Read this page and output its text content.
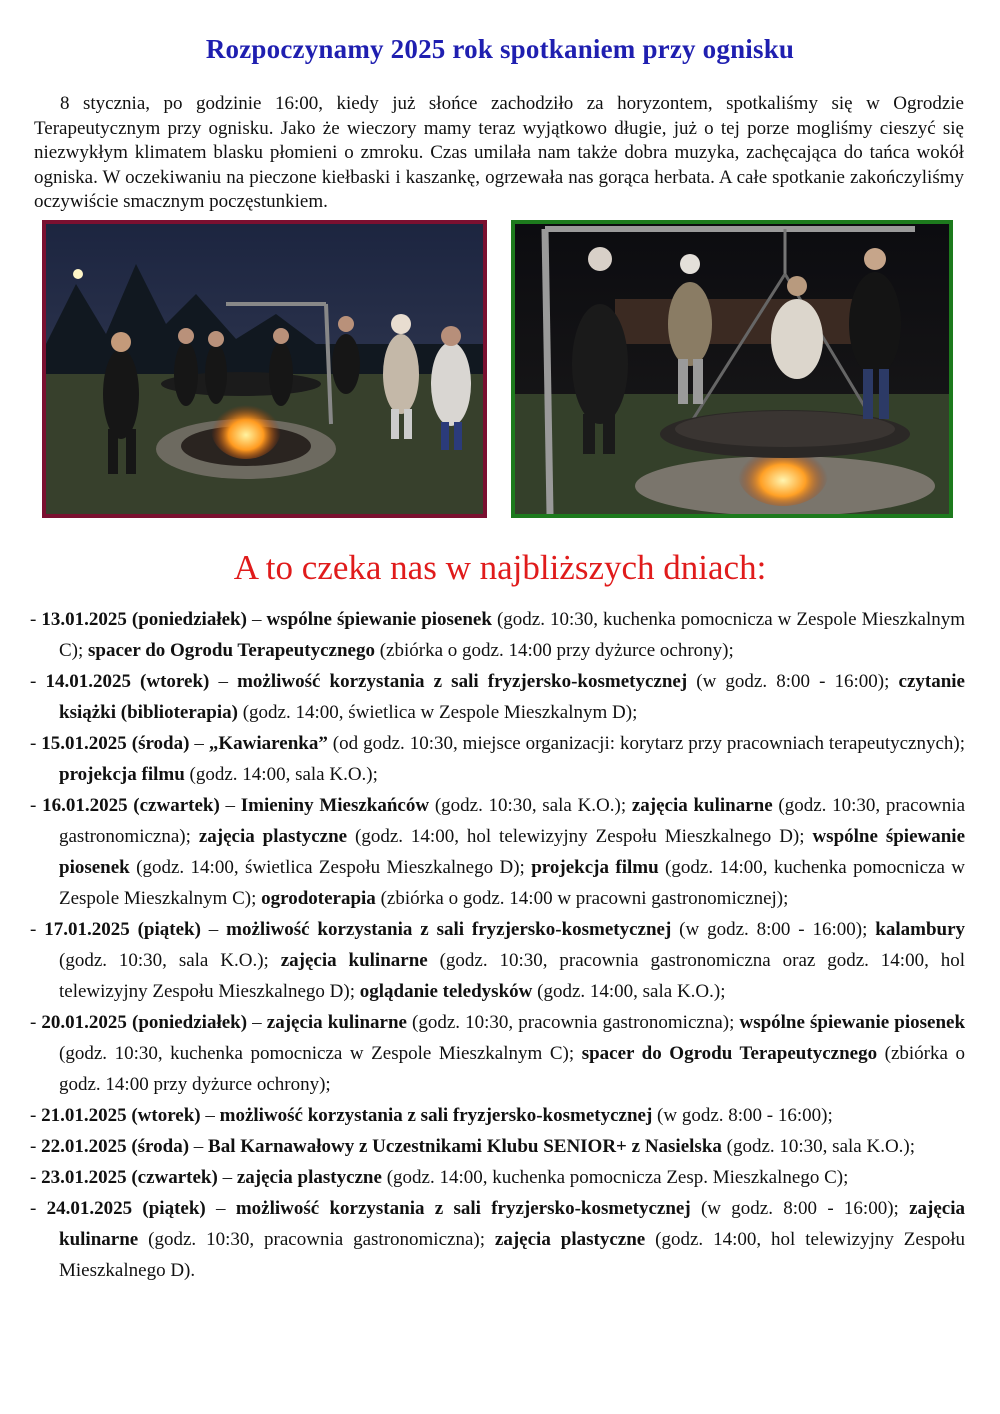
Rozpoczynamy 2025 rok spotkaniem przy ognisku

8 stycznia, po godzinie 16:00, kiedy już słońce zachodziło za horyzontem, spotkaliśmy się w Ogrodzie Terapeutycznym przy ognisku. Jako że wieczory mamy teraz wyjątkowo długie, już o tej porze mogliśmy cieszyć się niezwykłym klimatem blasku płomieni o zmroku. Czas umilała nam także dobra muzyka, zachęcająca do tańca wokół ogniska. W oczekiwaniu na pieczone kiełbaski i kaszankę, ogrzewała nas gorąca herbata. A całe spotkanie zakończyliśmy oczywiście smacznym poczęstunkiem.

A to czeka nas w najbliższych dniach:
- 13.01.2025 (poniedziałek) – wspólne śpiewanie piosenek (godz. 10:30, kuchenka pomocnicza w Zespole Mieszkalnym C); spacer do Ogrodu Terapeutycznego (zbiórka o godz. 14:00 przy dyżurce ochrony);
- 14.01.2025 (wtorek) – możliwość korzystania z sali fryzjersko-kosmetycznej (w godz. 8:00 - 16:00); czytanie książki (biblioterapia) (godz. 14:00, świetlica w Zespole Mieszkalnym D);
- 15.01.2025 (środa) – „Kawiarenka” (od godz. 10:30, miejsce organizacji: korytarz przy pracowniach terapeutycznych); projekcja filmu (godz. 14:00, sala K.O.);
- 16.01.2025 (czwartek) – Imieniny Mieszkańców (godz. 10:30, sala K.O.); zajęcia kulinarne (godz. 10:30, pracownia gastronomiczna); zajęcia plastyczne (godz. 14:00, hol telewizyjny Zespołu Mieszkalnego D); wspólne śpiewanie piosenek (godz. 14:00, świetlica Zespołu Mieszkalnego D); projekcja filmu (godz. 14:00, kuchenka pomocnicza w Zespole Mieszkalnym C); ogrodoterapia (zbiórka o godz. 14:00 w pracowni gastronomicznej);
- 17.01.2025 (piątek) – możliwość korzystania z sali fryzjersko-kosmetycznej (w godz. 8:00 - 16:00); kalambury (godz. 10:30, sala K.O.); zajęcia kulinarne (godz. 10:30, pracownia gastronomiczna oraz godz. 14:00, hol telewizyjny Zespołu Mieszkalnego D); oglądanie teledysków (godz. 14:00, sala K.O.);
- 20.01.2025 (poniedziałek) – zajęcia kulinarne (godz. 10:30, pracownia gastronomiczna); wspólne śpiewanie piosenek (godz. 10:30, kuchenka pomocnicza w Zespole Mieszkalnym C); spacer do Ogrodu Terapeutycznego (zbiórka o godz. 14:00 przy dyżurce ochrony);
- 21.01.2025 (wtorek) – możliwość korzystania z sali fryzjersko-kosmetycznej (w godz. 8:00 - 16:00);
- 22.01.2025 (środa) – Bal Karnawałowy z Uczestnikami Klubu SENIOR+ z Nasielska (godz. 10:30, sala K.O.);
- 23.01.2025 (czwartek) – zajęcia plastyczne (godz. 14:00, kuchenka pomocnicza Zesp. Mieszkalnego C);
- 24.01.2025 (piątek) – możliwość korzystania z sali fryzjersko-kosmetycznej (w godz. 8:00 - 16:00); zajęcia kulinarne (godz. 10:30, pracownia gastronomiczna); zajęcia plastyczne (godz. 14:00, hol telewizyjny Zespołu Mieszkalnego D).
